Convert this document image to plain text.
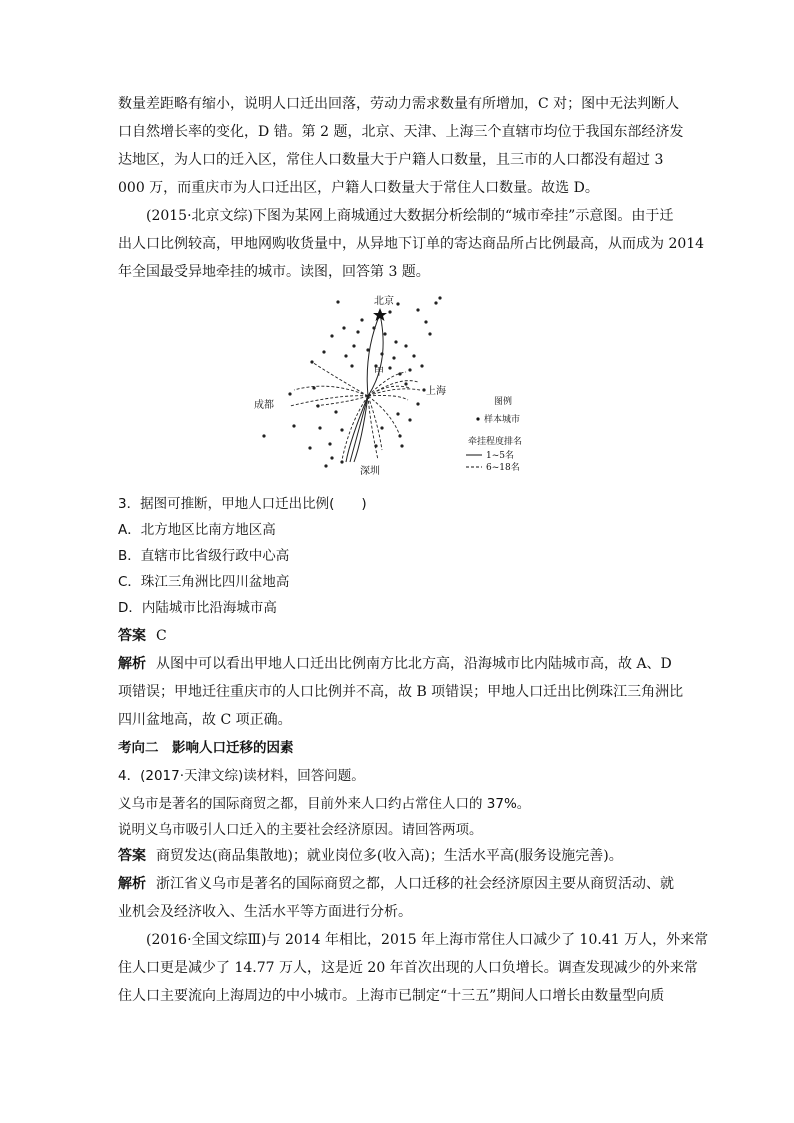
数量差距略有缩小，说明人口迁出回落，劳动力需求数量有所增加，C 对；图中无法判断人
口自然增长率的变化，D 错。第 2 题，北京、天津、上海三个直辖市均位于我国东部经济发
达地区，为人口的迁入区，常住人口数量大于户籍人口数量，且三市的人口都没有超过 3
000 万，而重庆市为人口迁出区，户籍人口数量大于常住人口数量。故选 D。
(2015·北京文综)下图为某网上商城通过大数据分析绘制的“城市牵挂”示意图。由于迁
出人口比例较高，甲地网购收货量中，从异地下订单的寄达商品所占比例最高，从而成为 2014
年全国最受异地牵挂的城市。读图，回答第 3 题。
北京
甲
上海
成都
深圳
图例
样本城市
牵挂程度排名
1~5名
6~18名
3．据图可推断，甲地人口迁出比例(　　)
A．北方地区比南方地区高
B．直辖市比省级行政中心高
C．珠江三角洲比四川盆地高
D．内陆城市比沿海城市高
答案 C
解析 从图中可以看出甲地人口迁出比例南方比北方高，沿海城市比内陆城市高，故 A、D
项错误；甲地迁往重庆市的人口比例并不高，故 B 项错误；甲地人口迁出比例珠江三角洲比
四川盆地高，故 C 项正确。
考向二　影响人口迁移的因素
4．(2017·天津文综)读材料，回答问题。
义乌市是著名的国际商贸之都，目前外来人口约占常住人口的 37%。
说明义乌市吸引人口迁入的主要社会经济原因。请回答两项。
答案 商贸发达(商品集散地)；就业岗位多(收入高)；生活水平高(服务设施完善)。
解析 浙江省义乌市是著名的国际商贸之都，人口迁移的社会经济原因主要从商贸活动、就
业机会及经济收入、生活水平等方面进行分析。
(2016·全国文综Ⅲ)与 2014 年相比，2015 年上海市常住人口减少了 10.41 万人，外来常
住人口更是减少了 14.77 万人，这是近 20 年首次出现的人口负增长。调查发现减少的外来常
住人口主要流向上海周边的中小城市。上海市已制定“十三五”期间人口增长由数量型向质
